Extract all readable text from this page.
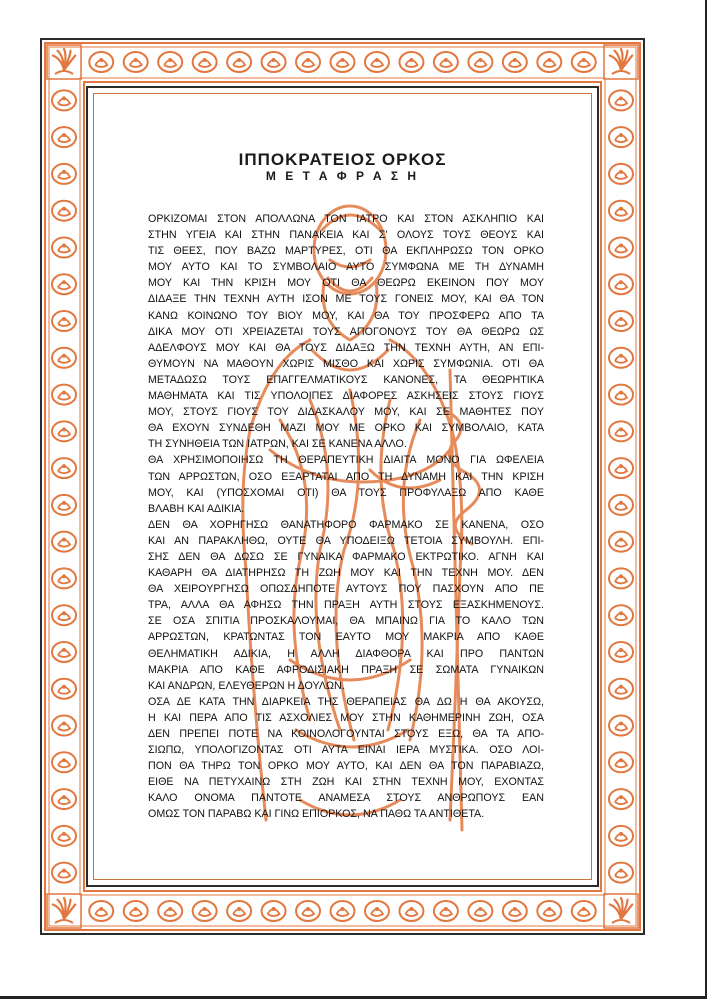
ΙΠΠΟΚΡΑΤΕΙΟΣ ΟΡΚΟΣ
Μ Ε Τ Α Φ Ρ Α Σ Η
ΟΡΚΙΖΟΜΑΙ ΣΤΟΝ ΑΠΟΛΛΩΝΑ ΤΟΝ ΙΑΤΡΟ ΚΑΙ ΣΤΟΝ ΑΣΚΛΗΠΙΟ ΚΑΙ
ΣΤΗΝ ΥΓΕΙΑ ΚΑΙ ΣΤΗΝ ΠΑΝΑΚΕΙΑ ΚΑΙ Σ' ΟΛΟΥΣ ΤΟΥΣ ΘΕΟΥΣ ΚΑΙ
ΤΙΣ ΘΕΕΣ, ΠΟΥ ΒΑΖΩ ΜΑΡΤΥΡΕΣ, ΟΤΙ ΘΑ ΕΚΠΛΗΡΩΣΩ ΤΟΝ ΟΡΚΟ
ΜΟΥ ΑΥΤΟ ΚΑΙ ΤΟ ΣΥΜΒΟΛΑΙΟ ΑΥΤΟ ΣΥΜΦΩΝΑ ΜΕ ΤΗ ΔΥΝΑΜΗ
ΜΟΥ ΚΑΙ ΤΗΝ ΚΡΙΣΗ ΜΟΥ ΟΤΙ ΘΑ ΘΕΩΡΩ ΕΚΕΙΝΟΝ ΠΟΥ ΜΟΥ
ΔΙΔΑΞΕ ΤΗΝ ΤΕΧΝΗ ΑΥΤΗ ΙΣΟΝ ΜΕ ΤΟΥΣ ΓΟΝΕΙΣ ΜΟΥ, ΚΑΙ ΘΑ ΤΟΝ
ΚΑΝΩ ΚΟΙΝΩΝΟ ΤΟΥ ΒΙΟΥ ΜΟΥ, ΚΑΙ ΘΑ ΤΟΥ ΠΡΟΣΦΕΡΩ ΑΠΟ ΤΑ
ΔΙΚΑ ΜΟΥ ΟΤΙ ΧΡΕΙΑΖΕΤΑΙ ΤΟΥΣ ΑΠΟΓΟΝΟΥΣ ΤΟΥ ΘΑ ΘΕΩΡΩ ΩΣ
ΑΔΕΛΦΟΥΣ ΜΟΥ ΚΑΙ ΘΑ ΤΟΥΣ ΔΙΔΑΞΩ ΤΗΝ ΤΕΧΝΗ ΑΥΤΗ, ΑΝ ΕΠΙ-
ΘΥΜΟΥΝ ΝΑ ΜΑΘΟΥΝ ΧΩΡΙΣ ΜΙΣΘΟ ΚΑΙ ΧΩΡΙΣ ΣΥΜΦΩΝΙΑ. ΟΤΙ ΘΑ
ΜΕΤΑΔΩΣΩ ΤΟΥΣ ΕΠΑΓΓΕΛΜΑΤΙΚΟΥΣ ΚΑΝΟΝΕΣ, ΤΑ ΘΕΩΡΗΤΙΚΑ
ΜΑΘΗΜΑΤΑ ΚΑΙ ΤΙΣ ΥΠΟΛΟΙΠΕΣ ΔΙΑΦΟΡΕΣ ΑΣΚΗΣΕΙΣ ΣΤΟΥΣ ΓΙΟΥΣ
ΜΟΥ, ΣΤΟΥΣ ΓΙΟΥΣ ΤΟΥ ΔΙΔΑΣΚΑΛΟΥ ΜΟΥ, ΚΑΙ ΣΕ ΜΑΘΗΤΕΣ ΠΟΥ
ΘΑ ΕΧΟΥΝ ΣΥΝΔΕΘΗ ΜΑΖΙ ΜΟΥ ΜΕ ΟΡΚΟ ΚΑΙ ΣΥΜΒΟΛΑΙΟ, ΚΑΤΑ
ΤΗ ΣΥΝΗΘΕΙΑ ΤΩΝ ΙΑΤΡΩΝ, ΚΑΙ ΣΕ ΚΑΝΕΝΑ ΑΛΛΟ.
ΘΑ ΧΡΗΣΙΜΟΠΟΙΗΣΩ ΤΗ ΘΕΡΑΠΕΥΤΙΚΗ ΔΙΑΙΤΑ ΜΟΝΟ ΓΙΑ ΩΦΕΛΕΙΑ
ΤΩΝ ΑΡΡΩΣΤΩΝ, ΟΣΟ ΕΞΑΡΤΑΤΑΙ ΑΠΟ ΤΗ ΔΥΝΑΜΗ ΚΑΙ ΤΗΝ ΚΡΙΣΗ
ΜΟΥ, ΚΑΙ (ΥΠΟΣΧΟΜΑΙ ΟΤΙ) ΘΑ ΤΟΥΣ ΠΡΟΦΥΛΑΞΩ ΑΠΟ ΚΑΘΕ
ΒΛΑΒΗ ΚΑΙ ΑΔΙΚΙΑ.
ΔΕΝ ΘΑ ΧΟΡΗΓΗΣΩ ΘΑΝΑΤΗΦΟΡΟ ΦΑΡΜΑΚΟ ΣΕ ΚΑΝΕΝΑ, ΟΣΟ
ΚΑΙ ΑΝ ΠΑΡΑΚΛΗΘΩ, ΟΥΤΕ ΘΑ ΥΠΟΔΕΙΞΩ ΤΕΤΟΙΑ ΣΥΜΒΟΥΛΗ. ΕΠΙ-
ΣΗΣ ΔΕΝ ΘΑ ΔΩΣΩ ΣΕ ΓΥΝΑΙΚΑ ΦΑΡΜΑΚΟ ΕΚΤΡΩΤΙΚΟ. ΑΓΝΗ ΚΑΙ
ΚΑΘΑΡΗ ΘΑ ΔΙΑΤΗΡΗΣΩ ΤΗ ΖΩΗ ΜΟΥ ΚΑΙ ΤΗΝ ΤΕΧΝΗ ΜΟΥ. ΔΕΝ
ΘΑ ΧΕΙΡΟΥΡΓΗΣΩ ΟΠΩΣΔΗΠΟΤΕ ΑΥΤΟΥΣ ΠΟΥ ΠΑΣΧΟΥΝ ΑΠΟ ΠΕ
ΤΡΑ, ΑΛΛΑ ΘΑ ΑΦΗΣΩ ΤΗΝ ΠΡΑΞΗ ΑΥΤΗ ΣΤΟΥΣ ΕΞΑΣΚΗΜΕΝΟΥΣ.
ΣΕ ΟΣΑ ΣΠΙΤΙΑ ΠΡΟΣΚΑΛΟΥΜΑΙ, ΘΑ ΜΠΑΙΝΩ ΓΙΑ ΤΟ ΚΑΛΟ ΤΩΝ
ΑΡΡΩΣΤΩΝ, ΚΡΑΤΩΝΤΑΣ ΤΟΝ ΕΑΥΤΟ ΜΟΥ ΜΑΚΡΙΑ ΑΠΟ ΚΑΘΕ
ΘΕΛΗΜΑΤΙΚΗ ΑΔΙΚΙΑ, Η ΑΛΛΗ ΔΙΑΦΘΟΡΑ ΚΑΙ ΠΡΟ ΠΑΝΤΩΝ
ΜΑΚΡΙΑ ΑΠΟ ΚΑΘΕ ΑΦΡΟΔΙΣΙΑΚΗ ΠΡΑΞΗ ΣΕ ΣΩΜΑΤΑ ΓΥΝΑΙΚΩΝ
ΚΑΙ ΑΝΔΡΩΝ, ΕΛΕΥΘΕΡΩΝ Η ΔΟΥΛΩΝ.
ΟΣΑ ΔΕ ΚΑΤΑ ΤΗΝ ΔΙΑΡΚΕΙΑ ΤΗΣ ΘΕΡΑΠΕΙΑΣ ΘΑ ΔΩ Η ΘΑ ΑΚΟΥΣΩ,
Η ΚΑΙ ΠΕΡΑ ΑΠΟ ΤΙΣ ΑΣΧΟΛΙΕΣ ΜΟΥ ΣΤΗΝ ΚΑΘΗΜΕΡΙΝΗ ΖΩΗ, ΟΣΑ
ΔΕΝ ΠΡΕΠΕΙ ΠΟΤΕ ΝΑ ΚΟΙΝΟΛΟΓΟΥΝΤΑΙ ΣΤΟΥΣ ΕΞΩ, ΘΑ ΤΑ ΑΠΟ-
ΣΙΩΠΩ, ΥΠΟΛΟΓΙΖΟΝΤΑΣ ΟΤΙ ΑΥΤΑ ΕΙΝΑΙ ΙΕΡΑ ΜΥΣΤΙΚΑ. ΟΣΟ ΛΟΙ-
ΠΟΝ ΘΑ ΤΗΡΩ ΤΟΝ ΟΡΚΟ ΜΟΥ ΑΥΤΟ, ΚΑΙ ΔΕΝ ΘΑ ΤΟΝ ΠΑΡΑΒΙΑΖΩ,
ΕΙΘΕ ΝΑ ΠΕΤΥΧΑΙΝΩ ΣΤΗ ΖΩΗ ΚΑΙ ΣΤΗΝ ΤΕΧΝΗ ΜΟΥ, ΕΧΟΝΤΑΣ
ΚΑΛΟ ΟΝΟΜΑ ΠΑΝΤΟΤΕ ΑΝΑΜΕΣΑ ΣΤΟΥΣ ΑΝΘΡΩΠΟΥΣ ΕΑΝ
ΟΜΩΣ ΤΟΝ ΠΑΡΑΒΩ ΚΑΙ ΓΙΝΩ ΕΠΙΟΡΚΟΣ, ΝΑ ΠΑΘΩ ΤΑ ΑΝΤΙΘΕΤΑ.
